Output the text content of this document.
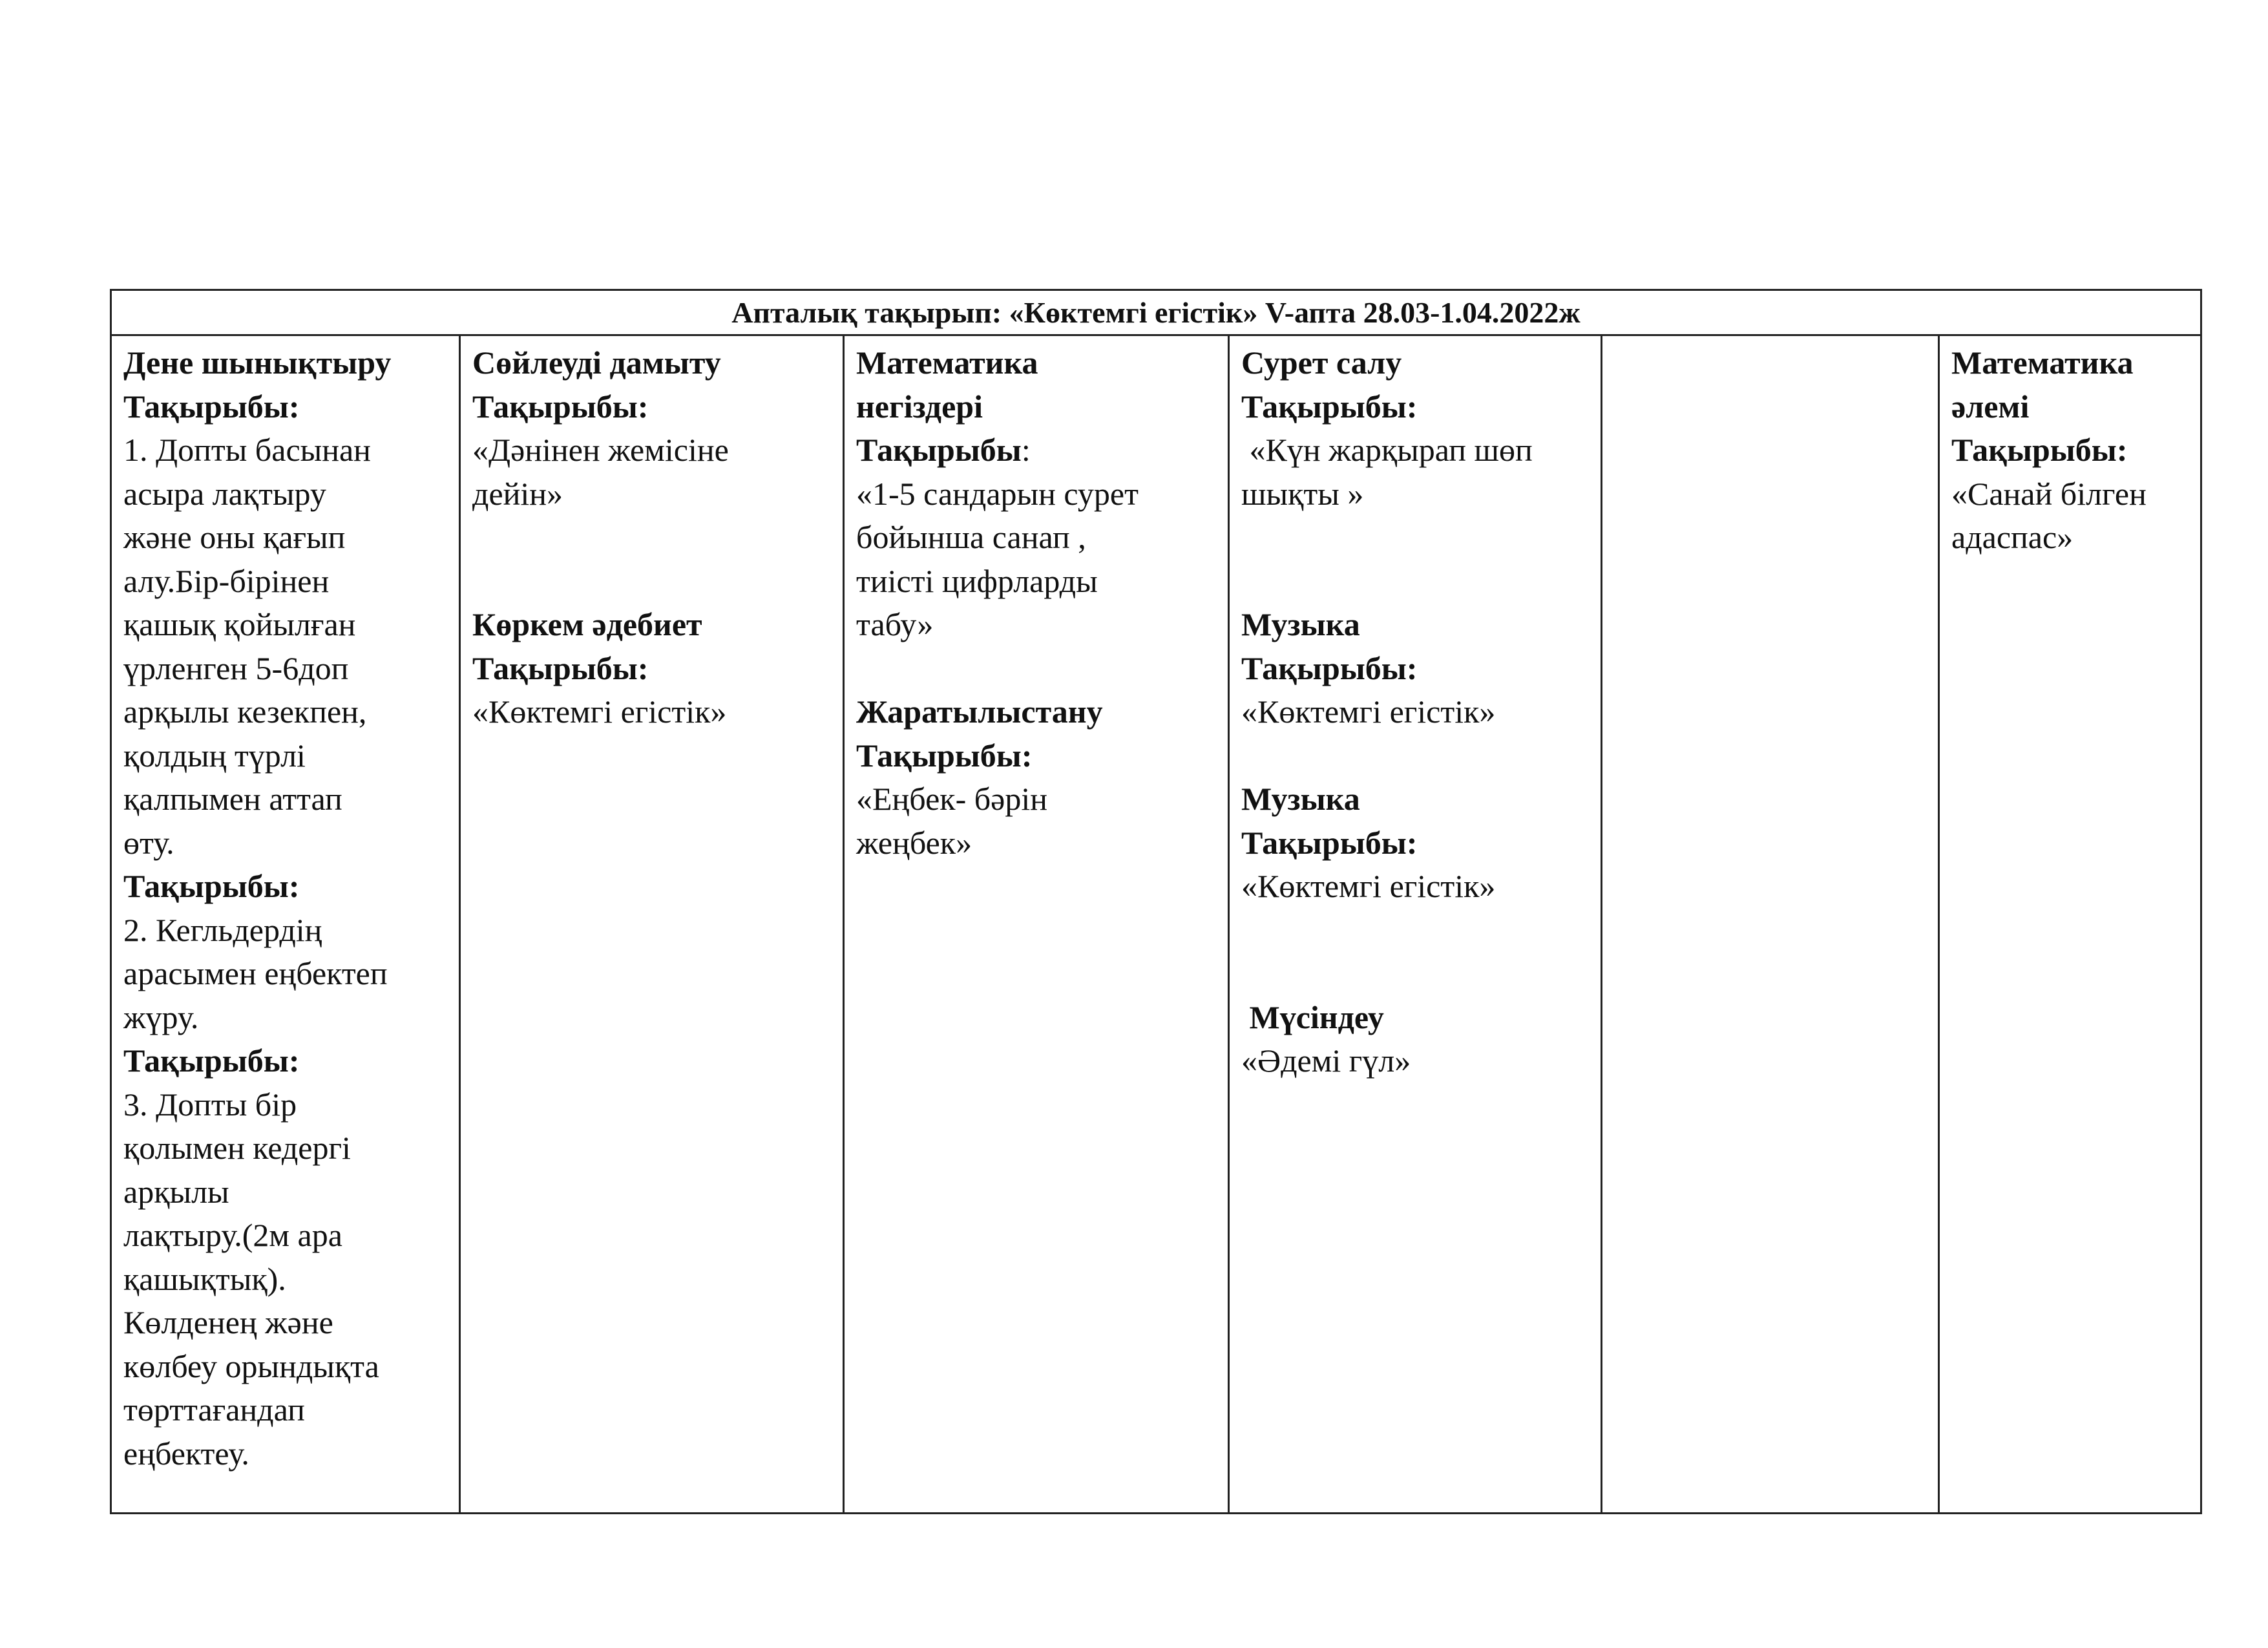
Апталық тақырып: «Көктемгі егістік» V-апта 28.03-1.04.2022ж
Дене шынықтыру
Тақырыбы:
1. Допты басынан
асыра лақтыру
және оны қағып
алу.Бір-бірінен
қашық қойылған
үрленген 5-6доп
арқылы кезекпен,
қолдың түрлі
қалпымен аттап
өту.
Тақырыбы:
2. Кегльдердің
арасымен еңбектеп
жүру.
Тақырыбы:
3. Допты бір
қолымен кедергі
арқылы
лақтыру.(2м ара
қашықтық).
Көлденең және
көлбеу орындықта
төрттағандап
еңбектеу.
Сөйлеуді дамыту
Тақырыбы:
«Дәнінен жемісіне
дейін»
Көркем әдебиет
Тақырыбы:
«Көктемгі егістік»
Математика
негіздері
Тақырыбы:
«1-5 сандарын сурет
бойынша санап ,
тиісті цифрларды
табу»
Жаратылыстану
Тақырыбы:
«Еңбек- бәрін
жеңбек»
Сурет салу
Тақырыбы:
«Күн жарқырап шөп
шықты »
Музыка
Тақырыбы:
«Көктемгі егістік»
Музыка
Тақырыбы:
«Көктемгі егістік»
Мүсіндеу
«Әдемі гүл»
Математика
әлемі
Тақырыбы:
«Санай білген
адаспас»
